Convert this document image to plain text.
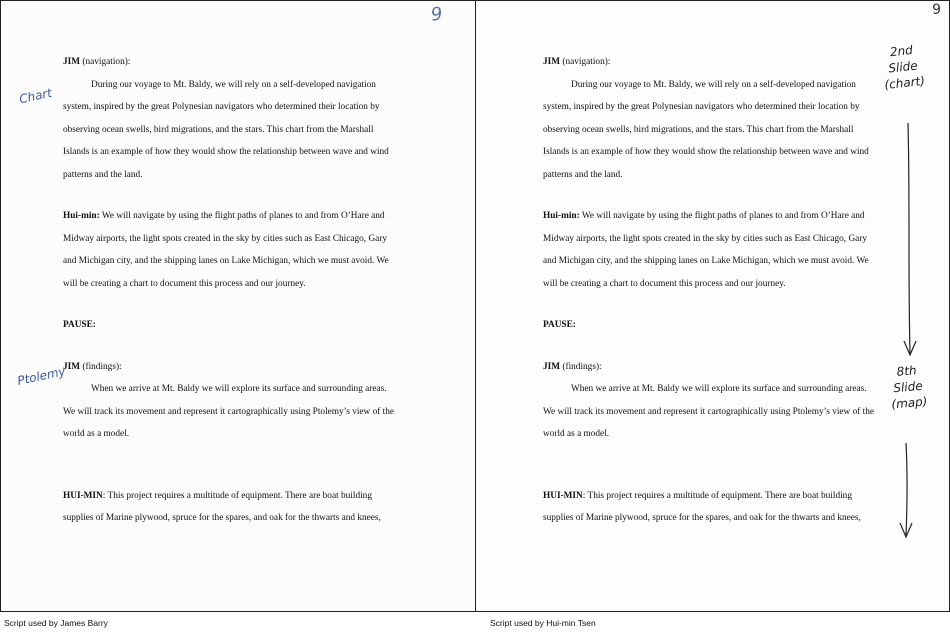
9
Chart
Ptolemy

JIM (navigation):

During our voyage to Mt. Baldy, we will rely on a self-developed navigation

system, inspired by the great Polynesian navigators who determined their location by

observing ocean swells, bird migrations, and the stars. This chart from the Marshall

Islands is an example of how they would show the relationship between wave and wind

patterns and the land.

Hui-min: We will navigate by using the flight paths of planes to and from O’Hare and

Midway airports, the light spots created in the sky by cities such as East Chicago, Gary

and Michigan city, and the shipping lanes on Lake Michigan, which we must avoid. We

will be creating a chart to document this process and our journey.

PAUSE:

JIM (findings):

When we arrive at Mt. Baldy we will explore its surface and surrounding areas.

We will track its movement and represent it cartographically using Ptolemy’s view of the

world as a model.

HUI-MIN: This project requires a multitude of equipment. There are boat building

supplies of Marine plywood, spruce for the spares, and oak for the thwarts and knees,

9
2nd
Slide
(chart)
8th
Slide
(map)

JIM (navigation):

During our voyage to Mt. Baldy, we will rely on a self-developed navigation

system, inspired by the great Polynesian navigators who determined their location by

observing ocean swells, bird migrations, and the stars. This chart from the Marshall

Islands is an example of how they would show the relationship between wave and wind

patterns and the land.

Hui-min: We will navigate by using the flight paths of planes to and from O’Hare and

Midway airports, the light spots created in the sky by cities such as East Chicago, Gary

and Michigan city, and the shipping lanes on Lake Michigan, which we must avoid. We

will be creating a chart to document this process and our journey.

PAUSE:

JIM (findings):

When we arrive at Mt. Baldy we will explore its surface and surrounding areas.

We will track its movement and represent it cartographically using Ptolemy’s view of the

world as a model.

HUI-MIN: This project requires a multitude of equipment. There are boat building

supplies of Marine plywood, spruce for the spares, and oak for the thwarts and knees,

Script used by James Barry	Script used by Hui-min Tsen
